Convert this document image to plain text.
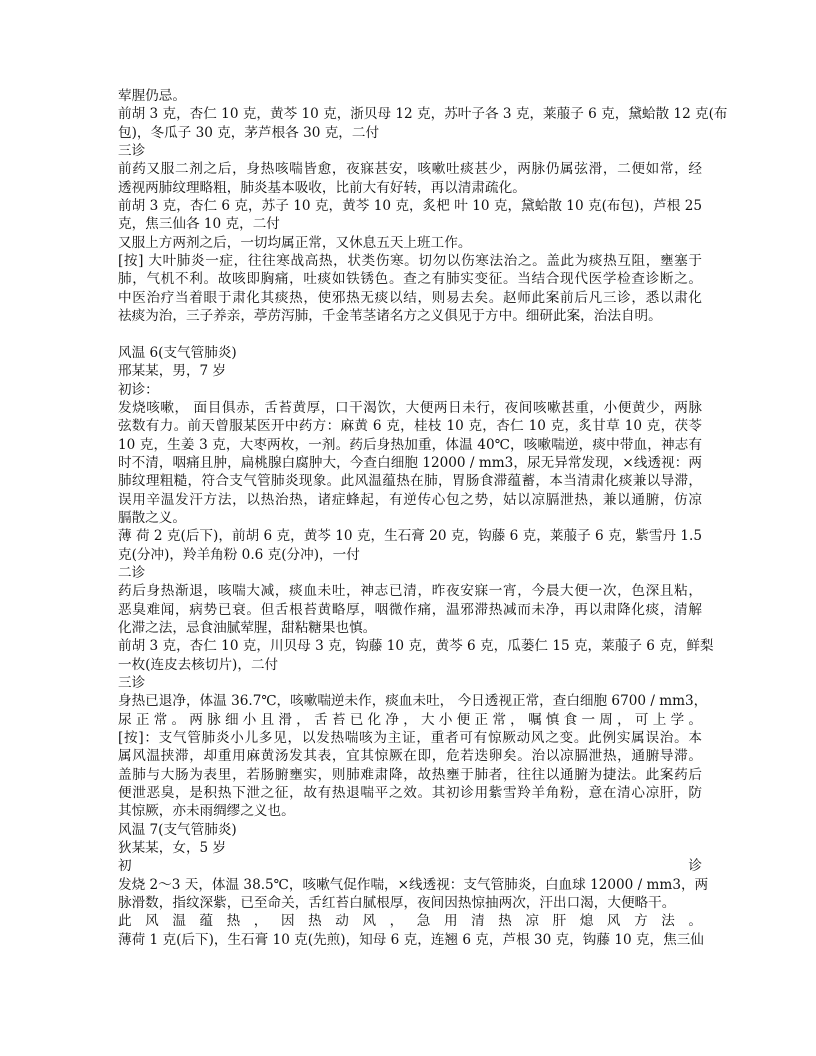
荤腥仍忌。
前胡 3 克，杏仁 10 克，黄芩 10 克，浙贝母 12 克，苏叶子各 3 克，莱菔子 6 克，黛蛤散 12 克(布
包)，冬瓜子 30 克，茅芦根各 30 克，二付
三诊
前药又服二剂之后，身热咳喘皆愈，夜寐甚安，咳嗽吐痰甚少，两脉仍属弦滑，二便如常，经
透视两肺纹理略粗，肺炎基本吸收，比前大有好转，再以清肃疏化。
前胡 3 克，杏仁 6 克，苏子 10 克，黄芩 10 克，炙杷 叶 10 克，黛蛤散 10 克(布包)，芦根 25
克，焦三仙各 10 克，二付
又服上方两剂之后，一切均属正常，又休息五天上班工作。
[按] 大叶肺炎一症，往往寒战高热，状类伤寒。切勿以伤寒法治之。盖此为痰热互阻，壅塞于
肺，气机不利。故咳即胸痛，吐痰如铁锈色。查之有肺实变征。当结合现代医学检查诊断之。
中医治疗当着眼于肃化其痰热，使邪热无痰以结，则易去矣。赵师此案前后凡三诊，悉以肃化
祛痰为治，三子养亲，葶苈泻肺，千金苇茎诸名方之义俱见于方中。细研此案，治法自明。
风温 6(支气管肺炎)
邢某某，男，7 岁
初诊：
发烧咳嗽， 面目俱赤，舌苔黄厚，口干渴饮，大便两日未行，夜间咳嗽甚重，小便黄少，两脉
弦数有力。前天曾服某医开中药方：麻黄 6 克，桂枝 10 克，杏仁 10 克，炙甘草 10 克，茯苓
10 克，生姜 3 克，大枣两枚，一剂。药后身热加重，体温 40℃，咳嗽喘逆，痰中带血，神志有
时不清，咽痛且肿，扁桃腺白腐肿大，今查白细胞 12000 / mm3，尿无异常发现，×线透视：两
肺纹理粗糙，符合支气管肺炎现象。此风温蕴热在肺，胃肠食滞蕴蓄，本当清肃化痰兼以导滞，
误用辛温发汗方法，以热治热，诸症蜂起，有逆传心包之势，姑以凉膈泄热，兼以通腑，仿凉
膈散之义。
薄 荷 2 克(后下)，前胡 6 克，黄芩 10 克，生石膏 20 克，钩藤 6 克，莱菔子 6 克，紫雪丹 1.5
克(分冲)，羚羊角粉 0.6 克(分冲)，一付
二诊
药后身热渐退，咳喘大减，痰血未吐，神志已清，昨夜安寐一宵，今晨大便一次，色深且粘，
恶臭难闻，病势已衰。但舌根苔黄略厚，咽微作痛，温邪滞热减而未净，再以肃降化痰，清解
化滞之法，忌食油腻荤腥，甜粘糖果也慎。
前胡 3 克，杏仁 10 克，川贝母 3 克，钩藤 10 克，黄芩 6 克，瓜蒌仁 15 克，莱菔子 6 克，鲜梨
一枚(连皮去核切片)，二付
三诊
身热已退净，体温 36.7℃，咳嗽喘逆未作，痰血未吐， 今日透视正常，查白细胞 6700 / mm3，
尿正常。两脉细小且滑，舌苔已化净，大小便正常，嘱慎食一周，可上学。
[按]：支气管肺炎小儿多见，以发热喘咳为主证，重者可有惊厥动风之变。此例实属误治。本
属风温挟滞，却重用麻黄汤发其表，宜其惊厥在即，危若迭卵矣。治以凉膈泄热，通腑导滞。
盖肺与大肠为表里，若肠腑壅实，则肺难肃降，故热壅于肺者，往往以通腑为捷法。此案药后
便泄恶臭，是积热下泄之征，故有热退喘平之效。其初诊用紫雪羚羊角粉，意在清心凉肝，防
其惊厥，亦未雨绸缪之义也。
风温 7(支气管肺炎)
狄某某，女，5 岁
初诊
发烧 2～3 天，体温 38.5℃，咳嗽气促作喘，×线透视：支气管肺炎，白血球 12000 / mm3，两
脉滑数，指纹深紫，已至命关，舌红苔白腻根厚，夜间因热惊抽两次，汗出口渴，大便略干。
此风温蕴热，因热动风，急用清热凉肝熄风方法。
薄荷 1 克(后下)，生石膏 10 克(先煎)，知母 6 克，连翘 6 克，芦根 30 克，钩藤 10 克，焦三仙
